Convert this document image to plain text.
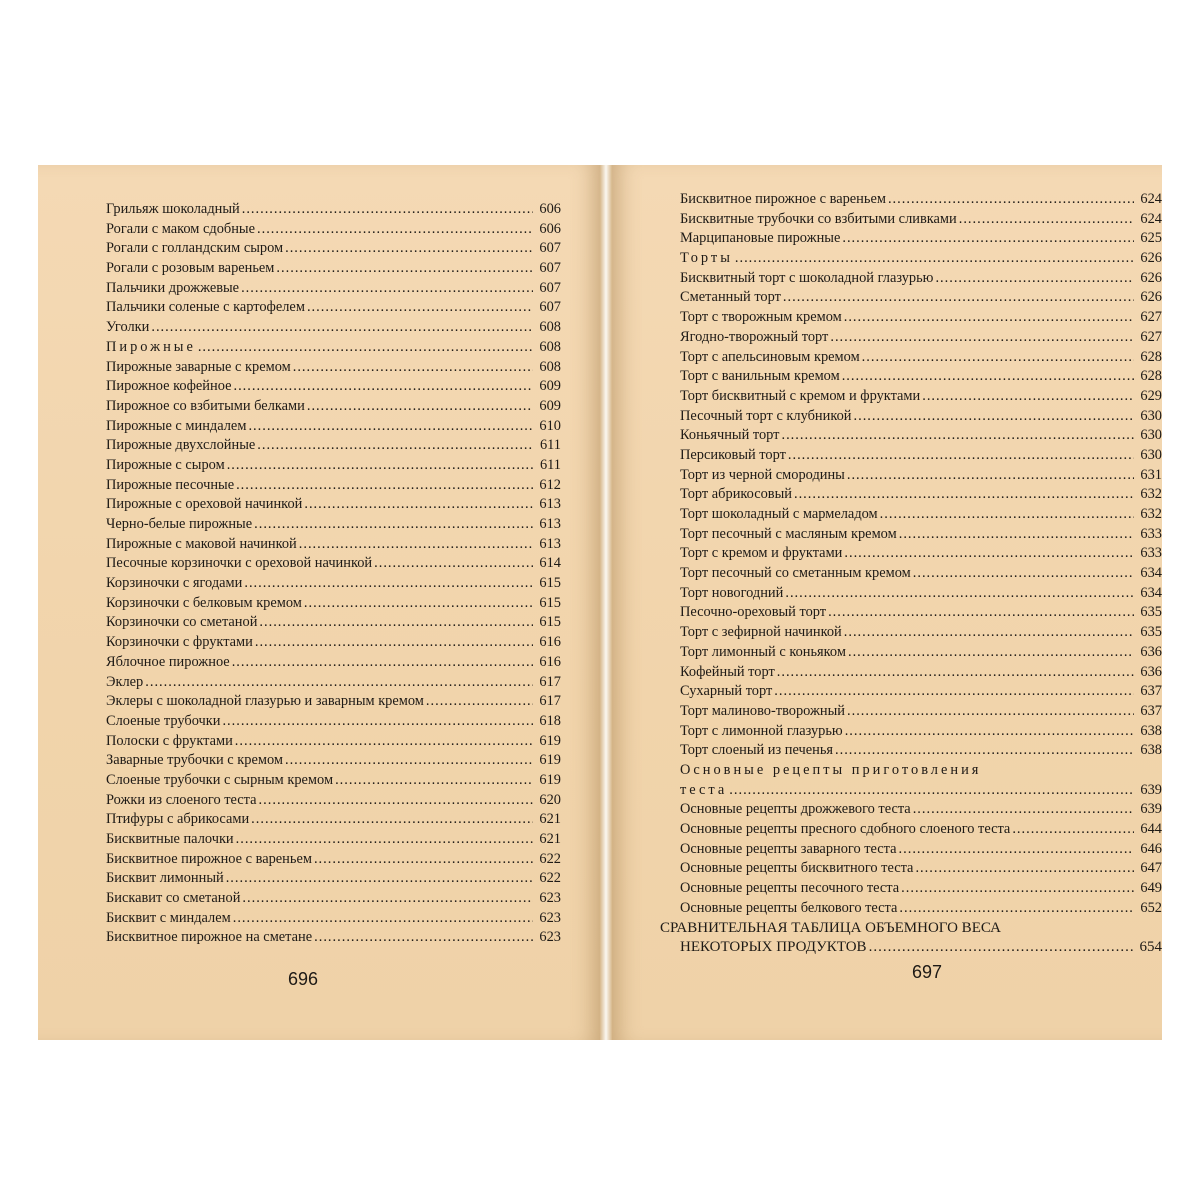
Грильяж шоколадный .....	606
Рогали с маком сдобные .....	606
Рогали с голландским сыром .....	607
Рогали с розовым вареньем .....	607
Пальчики дрожжевые .....	607
Пальчики соленые с картофелем .....	607
Уголки .....	608
Пирожные .....	608
Пирожные заварные с кремом .....	608
Пирожное кофейное .....	609
Пирожное со взбитыми белками .....	609
Пирожные с миндалем .....	610
Пирожные двухслойные .....	611
Пирожные с сыром .....	611
Пирожные песочные .....	612
Пирожные с ореховой начинкой .....	613
Черно-белые пирожные .....	613
Пирожные с маковой начинкой .....	613
Песочные корзиночки с ореховой начинкой .....	614
Корзиночки с ягодами .....	615
Корзиночки с белковым кремом .....	615
Корзиночки со сметаной .....	615
Корзиночки с фруктами .....	616
Яблочное пирожное .....	616
Эклер .....	617
Эклеры с шоколадной глазурью и заварным кремом .....	617
Слоеные трубочки .....	618
Полоски с фруктами .....	619
Заварные трубочки с кремом .....	619
Слоеные трубочки с сырным кремом .....	619
Рожки из слоеного теста .....	620
Птифуры с абрикосами .....	621
Бисквитные палочки .....	621
Бисквитное пирожное с вареньем .....	622
Бисквит лимонный .....	622
Бискавит со сметаной .....	623
Бисквит с миндалем .....	623
Бисквитное пирожное на сметане .....	623
696
Бисквитное пирожное с вареньем .....	624
Бисквитные трубочки со взбитыми сливками .....	624
Марципановые пирожные .....	625
Торты .....	626
Бисквитный торт с шоколадной глазурью .....	626
Сметанный торт .....	626
Торт с творожным кремом .....	627
Ягодно-творожный торт .....	627
Торт с апельсиновым кремом .....	628
Торт с ванильным кремом .....	628
Торт бисквитный с кремом и фруктами .....	629
Песочный торт с клубникой .....	630
Коньячный торт .....	630
Персиковый торт .....	630
Торт из черной смородины .....	631
Торт абрикосовый .....	632
Торт шоколадный с мармеладом .....	632
Торт песочный с масляным кремом .....	633
Торт с кремом и фруктами .....	633
Торт песочный со сметанным кремом .....	634
Торт новогодний .....	634
Песочно-ореховый торт .....	635
Торт с зефирной начинкой .....	635
Торт лимонный с коньяком .....	636
Кофейный торт .....	636
Сухарный торт .....	637
Торт малиново-творожный .....	637
Торт с лимонной глазурью .....	638
Торт слоеный из печенья .....	638
Основные рецепты приготовления
теста .....	639
Основные рецепты дрожжевого теста .....	639
Основные рецепты пресного сдобного слоеного теста .....	644
Основные рецепты заварного теста .....	646
Основные рецепты бисквитного теста .....	647
Основные рецепты песочного теста .....	649
Основные рецепты белкового теста .....	652
СРАВНИТЕЛЬНАЯ ТАБЛИЦА ОБЪЕМНОГО ВЕСА
НЕКОТОРЫХ ПРОДУКТОВ .....	654
697
